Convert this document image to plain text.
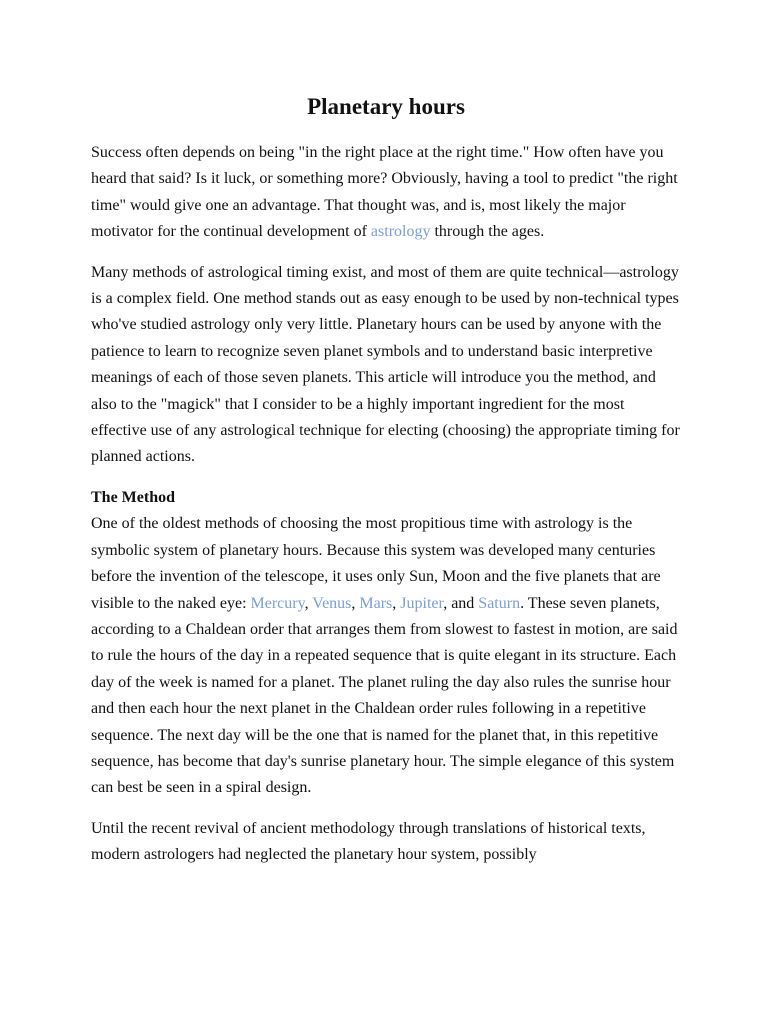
Planetary hours

Success often depends on being "in the right place at the right time." How often have you heard that said? Is it luck, or something more? Obviously, having a tool to predict "the right time" would give one an advantage. That thought was, and is, most likely the major motivator for the continual development of astrology through the ages.

Many methods of astrological timing exist, and most of them are quite technical—astrology is a complex field. One method stands out as easy enough to be used by non-technical types who've studied astrology only very little. Planetary hours can be used by anyone with the patience to learn to recognize seven planet symbols and to understand basic interpretive meanings of each of those seven planets. This article will introduce you the method, and also to the "magick" that I consider to be a highly important ingredient for the most effective use of any astrological technique for electing (choosing) the appropriate timing for planned actions.

The Method

One of the oldest methods of choosing the most propitious time with astrology is the symbolic system of planetary hours. Because this system was developed many centuries before the invention of the telescope, it uses only Sun, Moon and the five planets that are visible to the naked eye: Mercury, Venus, Mars, Jupiter, and Saturn. These seven planets, according to a Chaldean order that arranges them from slowest to fastest in motion, are said to rule the hours of the day in a repeated sequence that is quite elegant in its structure. Each day of the week is named for a planet. The planet ruling the day also rules the sunrise hour and then each hour the next planet in the Chaldean order rules following in a repetitive sequence. The next day will be the one that is named for the planet that, in this repetitive sequence, has become that day's sunrise planetary hour. The simple elegance of this system can best be seen in a spiral design.

Until the recent revival of ancient methodology through translations of historical texts, modern astrologers had neglected the planetary hour system, possibly
